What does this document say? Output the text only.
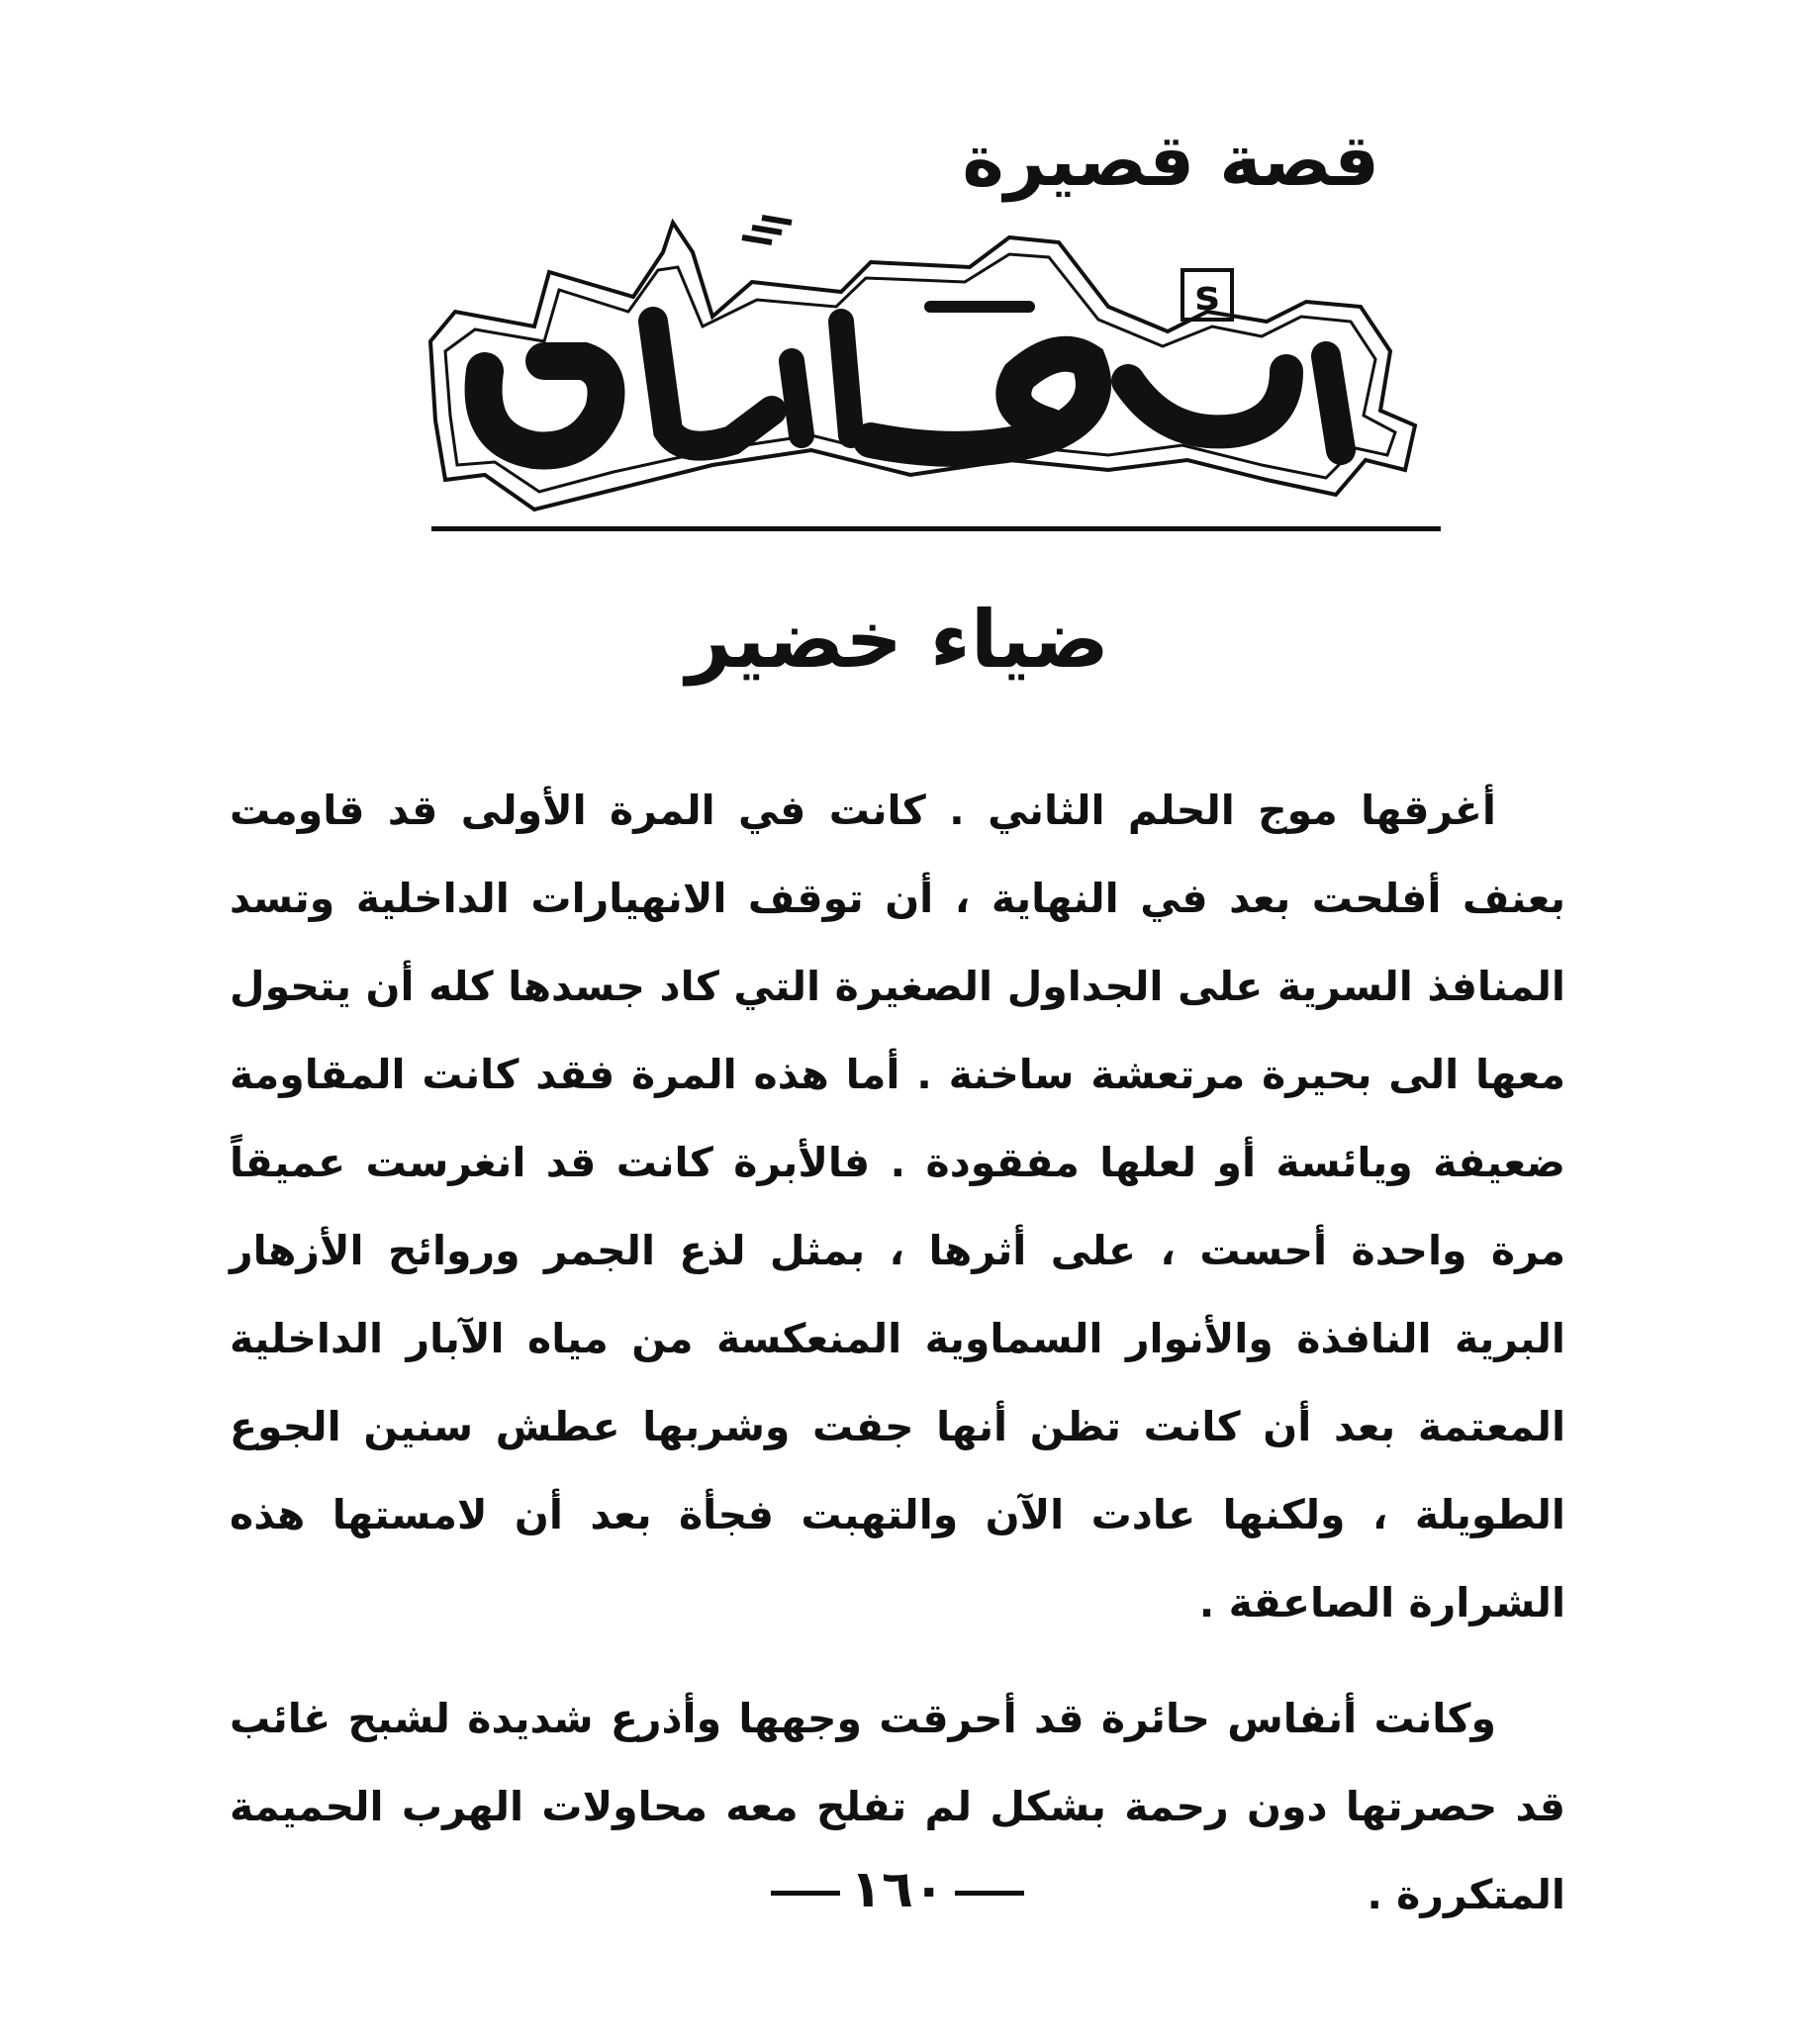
قصة قصيرة
s
ضياء خضير

أغرقها موج الحلم الثاني . كانت في المرة الأولى قد قاومت بعنف أفلحت بعد في النهاية ، أن توقف الانهيارات الداخلية وتسد المنافذ السرية على الجداول الصغيرة التي كاد جسدها كله أن يتحول معها الى بحيرة مرتعشة ساخنة . أما هذه المرة فقد كانت المقاومة ضعيفة ويائسة أو لعلها مفقودة . فالأبرة كانت قد انغرست عميقاً مرة واحدة أحست ، على أثرها ، بمثل لذع الجمر وروائح الأزهار البرية النافذة والأنوار السماوية المنعكسة من مياه الآبار الداخلية المعتمة بعد أن كانت تظن أنها جفت وشربها عطش سنين الجوع الطويلة ، ولكنها عادت الآن والتهبت فجأة بعد أن لامستها هذه الشرارة الصاعقة .

وكانت أنفاس حائرة قد أحرقت وجهها وأذرع شديدة لشبح غائب قد حصرتها دون رحمة بشكل لم تفلح معه محاولات الهرب الحميمة المتكررة .

١٦٠
